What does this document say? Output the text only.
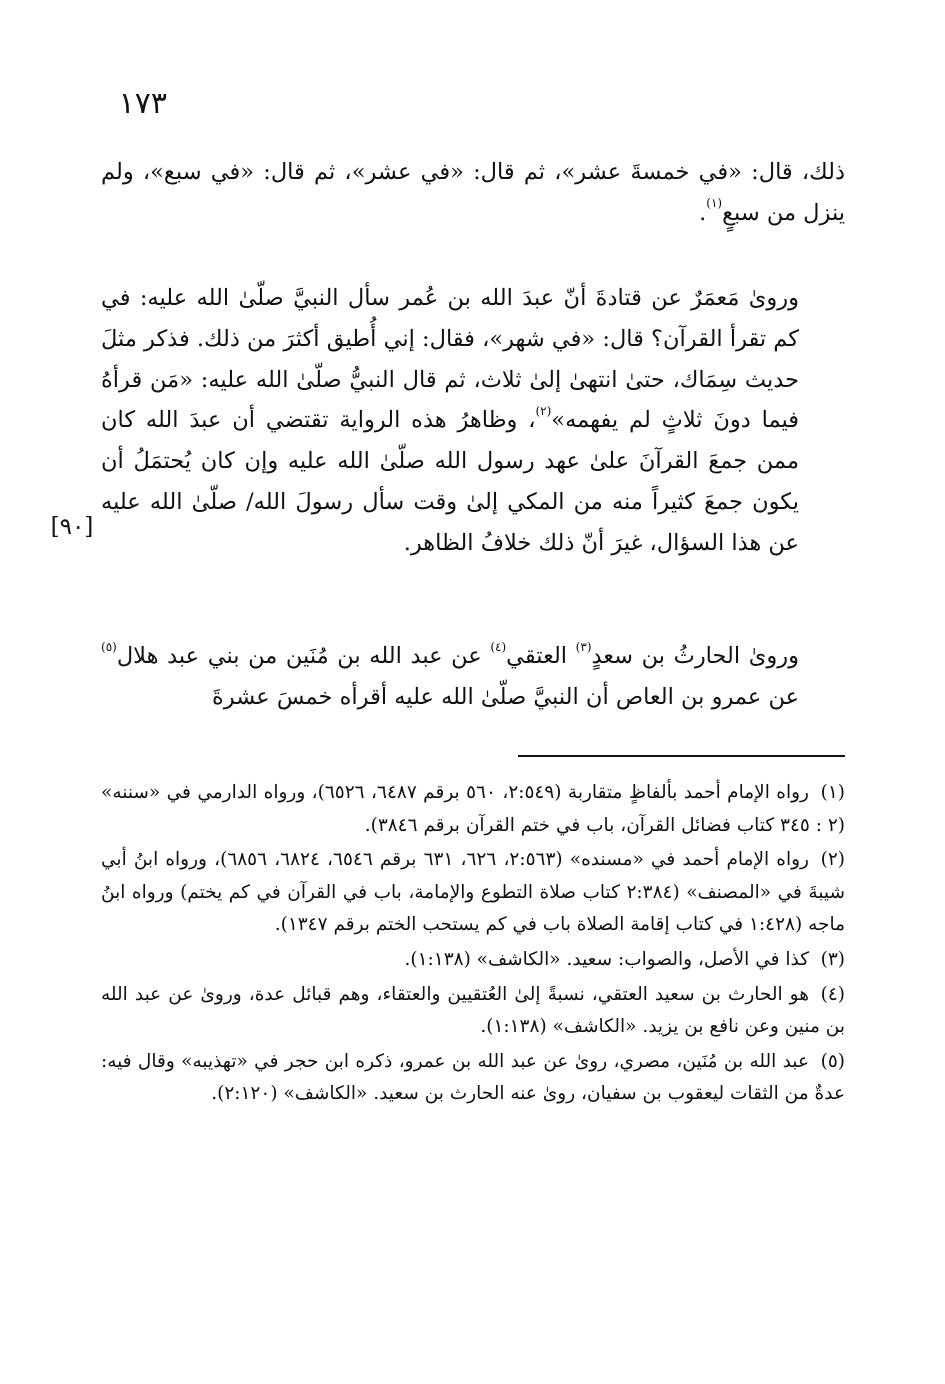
١٧٣
[٩٠]

ذلك، قال: «في خمسةَ عشر»، ثم قال: «في عشر»، ثم قال: «في سبع»، ولم ينزل من سبعٍ$^{(١)}$.

وروىٰ مَعمَرٌ عن قتادةَ أنّ عبدَ الله بن عُمر سأل النبيَّ صلّىٰ الله عليه: في كم تقرأ القرآن؟ قال: «في شهر»، فقال: إني أُطيق أكثرَ من ذلك. فذكر مثلَ حديث سِمَاك، حتىٰ انتهىٰ إلىٰ ثلاث، ثم قال النبيُّ صلّىٰ الله عليه: «مَن قرأهُ فيما دونَ ثلاثٍ لم يفهمه»$^{(٢)}$، وظاهرُ هذه الرواية تقتضي أن عبدَ الله كان ممن جمعَ القرآنَ علىٰ عهد رسول الله صلّىٰ الله عليه وإن كان يُحتمَلُ أن يكون جمعَ كثيراً منه من المكي إلىٰ وقت سأل رسولَ الله/ صلّىٰ الله عليه عن هذا السؤال، غيرَ أنّ ذلك خلافُ الظاهر.

وروىٰ الحارثُ بن سعدٍ$^{(٣)}$ العتقي$^{(٤)}$ عن عبد الله بن مُنَين من بني عبد هلال$^{(٥)}$ عن عمرو بن العاص أن النبيَّ صلّىٰ الله عليه أقرأه خمسَ عشرةَ

(١)رواه الإمام أحمد بألفاظٍ متقاربة (٢:٥٤٩، ٥٦٠ برقم ٦٤٨٧، ٦٥٢٦)، ورواه الدارمي في «سننه» (٢ : ٣٤٥ كتاب فضائل القرآن، باب في ختم القرآن برقم ٣٨٤٦).
(٢)رواه الإمام أحمد في «مسنده» (٢:٥٦٣، ٦٢٦، ٦٣١ برقم ٦٥٤٦، ٦٨٢٤، ٦٨٥٦)، ورواه ابنُ أبي شيبةَ في «المصنف» (٢:٣٨٤ كتاب صلاة التطوع والإمامة، باب في القرآن في كم يختم) ورواه ابنُ ماجه (١:٤٢٨ في كتاب إقامة الصلاة باب في كم يستحب الختم برقم ١٣٤٧).
(٣)كذا في الأصل، والصواب: سعيد. «الكاشف» (١:١٣٨).
(٤)هو الحارث بن سعيد العتقي، نسبةً إلىٰ العُتقيين والعتقاء، وهم قبائل عدة، وروىٰ عن عبد الله بن منين وعن نافع بن يزيد. «الكاشف» (١:١٣٨).
(٥)عبد الله بن مُنَين، مصري، روىٰ عن عبد الله بن عمرو، ذكره ابن حجر في «تهذيبه» وقال فيه: عدةٌ من الثقات ليعقوب بن سفيان، روىٰ عنه الحارث بن سعيد. «الكاشف» (٢:١٢٠).
